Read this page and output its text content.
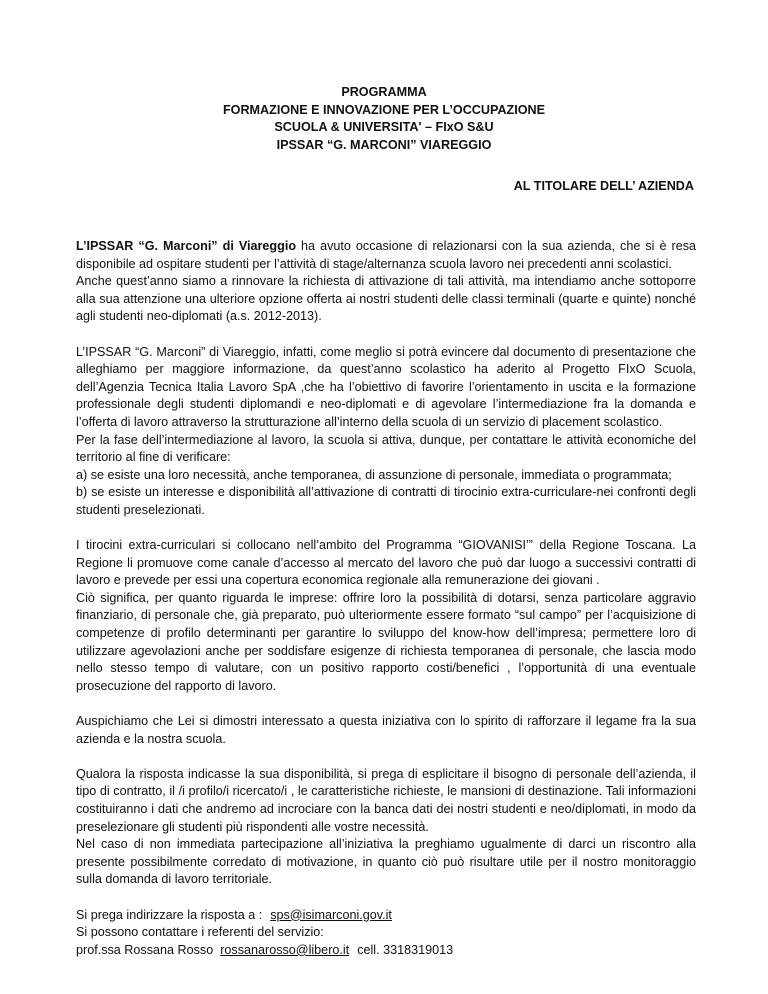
PROGRAMMA
FORMAZIONE E INNOVAZIONE PER L’OCCUPAZIONE
SCUOLA & UNIVERSITA' – FIxO S&U
IPSSAR “G. MARCONI” VIAREGGIO
AL TITOLARE DELL’ AZIENDA

L’IPSSAR “G. Marconi” di Viareggio ha avuto occasione di relazionarsi con la sua azienda, che si è resa disponibile ad ospitare studenti per l’attività di stage/alternanza scuola lavoro nei precedenti anni scolastici.

Anche quest’anno siamo a rinnovare la richiesta di attivazione di tali attività, ma intendiamo anche sottoporre alla sua attenzione una ulteriore opzione offerta ai nostri studenti delle classi terminali (quarte e quinte) nonché agli studenti neo-diplomati (a.s. 2012-2013).

L’IPSSAR “G. Marconi” di Viareggio, infatti, come meglio si potrà evincere dal documento di presentazione che alleghiamo per maggiore informazione, da quest’anno scolastico ha aderito al Progetto FIxO Scuola, dell’Agenzia Tecnica Italia Lavoro SpA ,che ha l’obiettivo di favorire l’orientamento in uscita e la formazione professionale degli studenti diplomandi e neo-diplomati e di agevolare l’intermediazione fra la domanda e l’offerta di lavoro attraverso la strutturazione all’interno della scuola di un servizio di placement scolastico.

Per la fase dell’intermediazione al lavoro, la scuola si attiva, dunque, per contattare le attività economiche del territorio al fine di verificare:

a) se esiste una loro necessità, anche temporanea, di assunzione di personale, immediata o programmata;

b) se esiste un interesse e disponibilità all’attivazione di contratti di tirocinio extra-curriculare-nei confronti degli studenti preselezionati.

I tirocini extra-curriculari si collocano nell’ambito del Programma “GIOVANISI’” della Regione Toscana. La Regione li promuove come canale d’accesso al mercato del lavoro che può dar luogo a successivi contratti di lavoro e prevede per essi una copertura economica regionale alla remunerazione dei giovani .

Ciò significa, per quanto riguarda le imprese: offrire loro la possibilità di dotarsi, senza particolare aggravio finanziario, di personale che, già preparato, può ulteriormente essere formato “sul campo” per l’acquisizione di competenze di profilo determinanti per garantire lo sviluppo del know-how dell’impresa; permettere loro di utilizzare agevolazioni anche per soddisfare esigenze di richiesta temporanea di personale, che lascia modo nello stesso tempo di valutare, con un positivo rapporto costi/benefici , l’opportunità di una eventuale prosecuzione del rapporto di lavoro.

Auspichiamo che Lei si dimostri interessato a questa iniziativa con lo spirito di rafforzare il legame fra la sua azienda e la nostra scuola.

Qualora la risposta indicasse la sua disponibilità, si prega di esplicitare il bisogno di personale dell’azienda, il tipo di contratto, il /i profilo/i ricercato/i , le caratteristiche richieste, le mansioni di destinazione. Tali informazioni costituiranno i dati che andremo ad incrociare con la banca dati dei nostri studenti e neo/diplomati, in modo da preselezionare gli studenti più rispondenti alle vostre necessità.

Nel caso di non immediata partecipazione all’iniziativa la preghiamo ugualmente di darci un riscontro alla presente possibilmente corredato di motivazione, in quanto ciò può risultare utile per il nostro monitoraggio sulla domanda di lavoro territoriale.

Si prega indirizzare la risposta a : sps@isimarconi.gov.it
Si possono contattare i referenti del servizio:
prof.ssa Rossana Rosso rossanarosso@libero.it cell. 3318319013
